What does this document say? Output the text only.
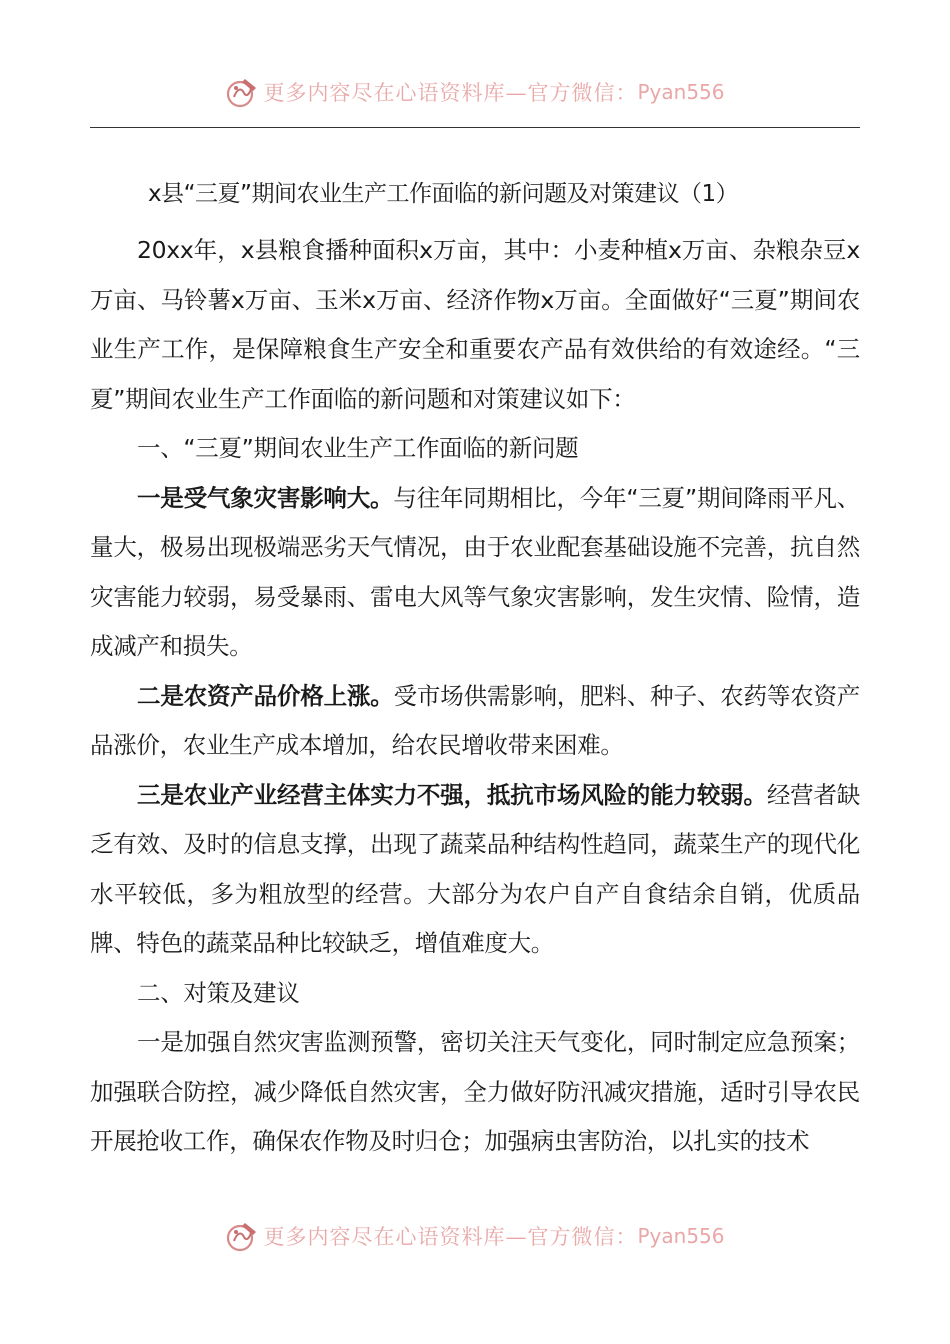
更多内容尽在心语资料库—官方微信： Pyan556
x县“三夏”期间农业生产工作面临的新问题及对策建议（1）

20xx年，x县粮食播种面积x万亩，其中：小麦种植x万亩、杂粮杂豆x万亩、马铃薯x万亩、玉米x万亩、经济作物x万亩。全面做好“三夏”期间农业生产工作，是保障粮食生产安全和重要农产品有效供给的有效途经。“三夏”期间农业生产工作面临的新问题和对策建议如下：

一、“三夏”期间农业生产工作面临的新问题

一是受气象灾害影响大。与往年同期相比，今年“三夏”期间降雨平凡、量大，极易出现极端恶劣天气情况，由于农业配套基础设施不完善，抗自然灾害能力较弱，易受暴雨、雷电大风等气象灾害影响，发生灾情、险情，造成减产和损失。

二是农资产品价格上涨。受市场供需影响，肥料、种子、农药等农资产品涨价，农业生产成本增加，给农民增收带来困难。

三是农业产业经营主体实力不强，抵抗市场风险的能力较弱。经营者缺乏有效、及时的信息支撑，出现了蔬菜品种结构性趋同，蔬菜生产的现代化水平较低，多为粗放型的经营。大部分为农户自产自食结余自销，优质品牌、特色的蔬菜品种比较缺乏，增值难度大。

二、对策及建议

一是加强自然灾害监测预警，密切关注天气变化，同时制定应急预案；加强联合防控，减少降低自然灾害，全力做好防汛减灾措施，适时引导农民开展抢收工作，确保农作物及时归仓；加强病虫害防治，以扎实的技术

更多内容尽在心语资料库—官方微信： Pyan556
